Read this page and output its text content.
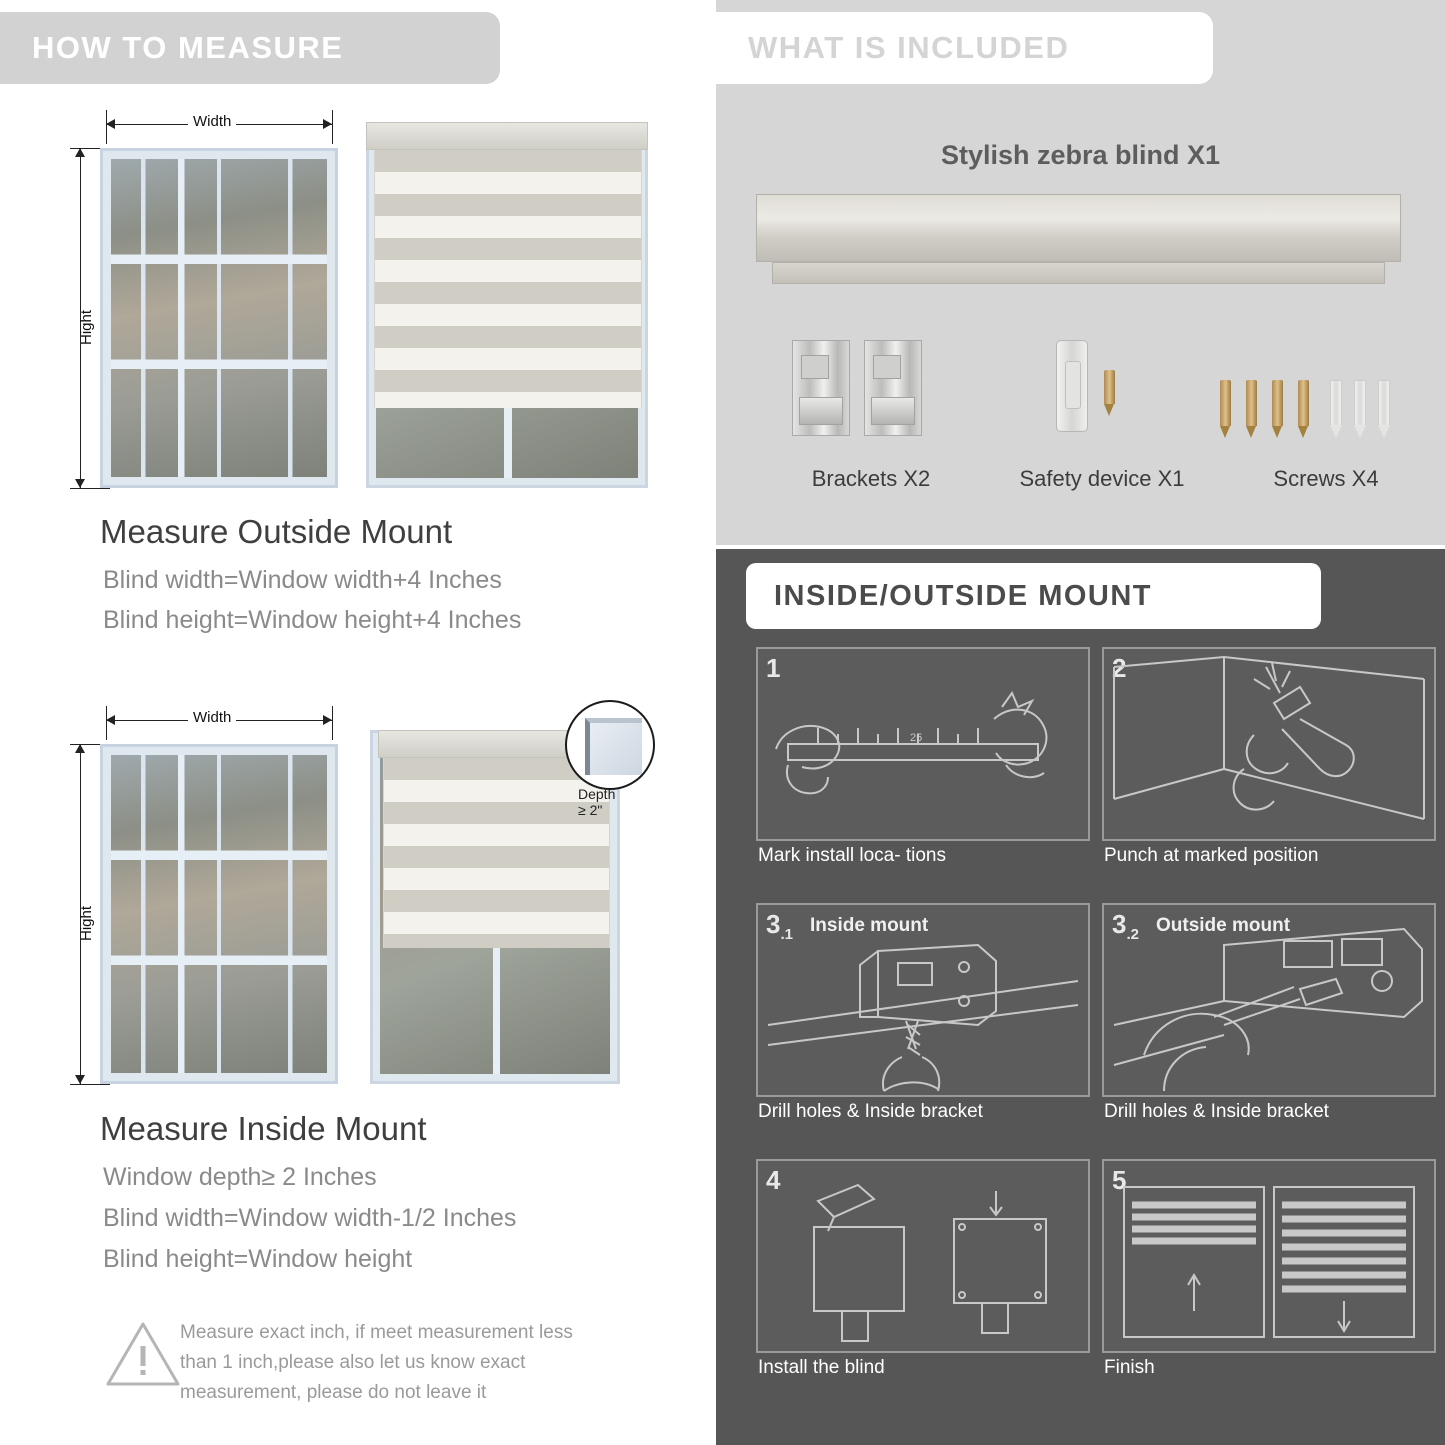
HOW TO MEASURE
Width
Hight
Measure Outside Mount
Blind width=Window width+4 Inches
Blind height=Window height+4 Inches
Width
Hight
Depth ≥ 2"
Measure Inside Mount
Window depth≥ 2 Inches
Blind width=Window width-1/2 Inches
Blind height=Window height
Measure exact inch, if meet measurement less
than 1 inch,please also let us know exact
measurement, please do not leave it
WHAT IS INCLUDED
Stylish zebra blind X1
Brackets X2	Safety device X1	Screws X4
INSIDE/OUTSIDE MOUNT
1
25
Mark install loca- tions
2
Punch at marked position
$3_{.1}$ Inside mount
Drill holes & Inside bracket
$3_{.2}$ Outside mount
Drill holes & Inside bracket
4
Install the blind
5
Finish
